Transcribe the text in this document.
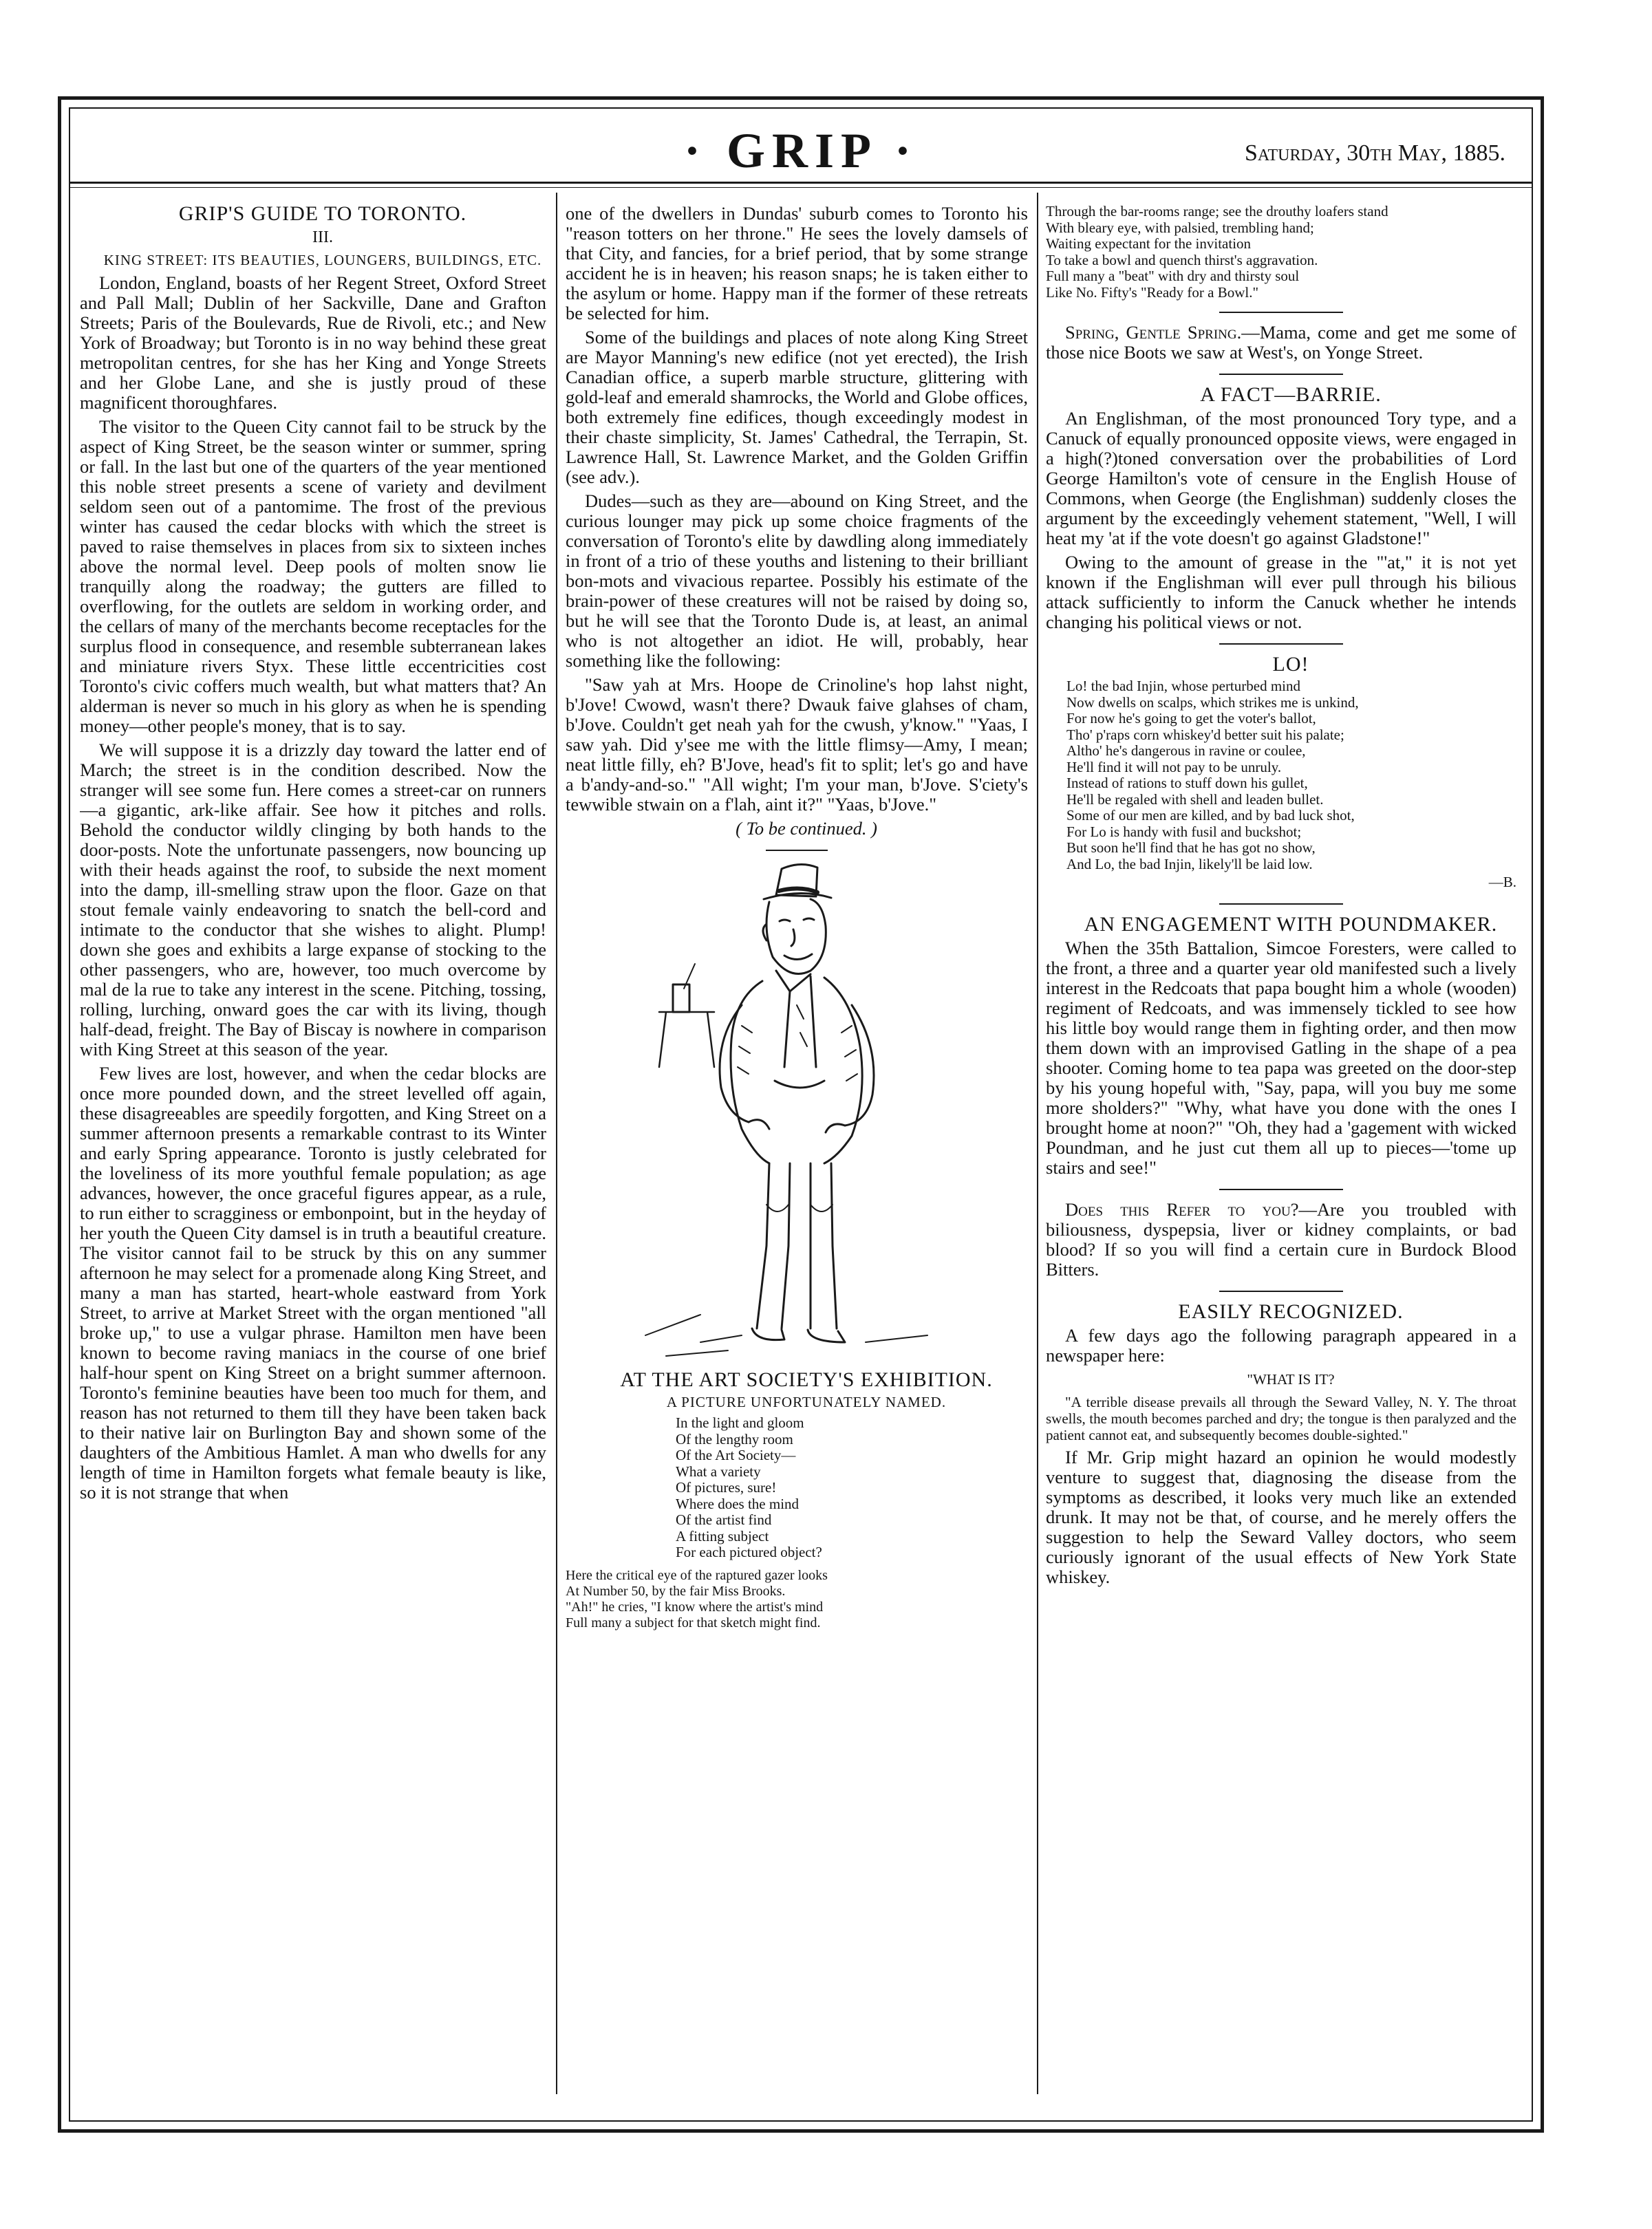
· GRIP ·	Saturday, 30th May, 1885.

GRIP'S GUIDE TO TORONTO.

III.

KING STREET: ITS BEAUTIES, LOUNGERS, BUILDINGS, ETC.

London, England, boasts of her Regent Street, Oxford Street and Pall Mall; Dublin of her Sackville, Dane and Grafton Streets; Paris of the Boulevards, Rue de Rivoli, etc.; and New York of Broadway; but Toronto is in no way behind these great metropolitan centres, for she has her King and Yonge Streets and her Globe Lane, and she is justly proud of these magnificent thoroughfares.

The visitor to the Queen City cannot fail to be struck by the aspect of King Street, be the season winter or summer, spring or fall. In the last but one of the quarters of the year mentioned this noble street presents a scene of variety and devilment seldom seen out of a pantomime. The frost of the previous winter has caused the cedar blocks with which the street is paved to raise themselves in places from six to sixteen inches above the normal level. Deep pools of molten snow lie tranquilly along the roadway; the gutters are filled to overflowing, for the outlets are seldom in working order, and the cellars of many of the merchants become receptacles for the surplus flood in consequence, and resemble subterranean lakes and miniature rivers Styx. These little eccentricities cost Toronto's civic coffers much wealth, but what matters that? An alderman is never so much in his glory as when he is spending money—other people's money, that is to say.

We will suppose it is a drizzly day toward the latter end of March; the street is in the condition described. Now the stranger will see some fun. Here comes a street-car on runners—a gigantic, ark-like affair. See how it pitches and rolls. Behold the conductor wildly clinging by both hands to the door-posts. Note the unfortunate passengers, now bouncing up with their heads against the roof, to subside the next moment into the damp, ill-smelling straw upon the floor. Gaze on that stout female vainly endeavoring to snatch the bell-cord and intimate to the conductor that she wishes to alight. Plump! down she goes and exhibits a large expanse of stocking to the other passengers, who are, however, too much overcome by mal de la rue to take any interest in the scene. Pitching, tossing, rolling, lurching, onward goes the car with its living, though half-dead, freight. The Bay of Biscay is nowhere in comparison with King Street at this season of the year.

Few lives are lost, however, and when the cedar blocks are once more pounded down, and the street levelled off again, these disagreeables are speedily forgotten, and King Street on a summer afternoon presents a remarkable contrast to its Winter and early Spring appearance. Toronto is justly celebrated for the loveliness of its more youthful female population; as age advances, however, the once graceful figures appear, as a rule, to run either to scragginess or embonpoint, but in the heyday of her youth the Queen City damsel is in truth a beautiful creature. The visitor cannot fail to be struck by this on any summer afternoon he may select for a promenade along King Street, and many a man has started, heart-whole eastward from York Street, to arrive at Market Street with the organ mentioned "all broke up," to use a vulgar phrase. Hamilton men have been known to become raving maniacs in the course of one brief half-hour spent on King Street on a bright summer afternoon. Toronto's feminine beauties have been too much for them, and reason has not returned to them till they have been taken back to their native lair on Burlington Bay and shown some of the daughters of the Ambitious Hamlet. A man who dwells for any length of time in Hamilton forgets what female beauty is like, so it is not strange that when

one of the dwellers in Dundas' suburb comes to Toronto his "reason totters on her throne." He sees the lovely damsels of that City, and fancies, for a brief period, that by some strange accident he is in heaven; his reason snaps; he is taken either to the asylum or home. Happy man if the former of these retreats be selected for him.

Some of the buildings and places of note along King Street are Mayor Manning's new edifice (not yet erected), the Irish Canadian office, a superb marble structure, glittering with gold-leaf and emerald shamrocks, the World and Globe offices, both extremely fine edifices, though exceedingly modest in their chaste simplicity, St. James' Cathedral, the Terrapin, St. Lawrence Hall, St. Lawrence Market, and the Golden Griffin (see adv.).

Dudes—such as they are—abound on King Street, and the curious lounger may pick up some choice fragments of the conversation of Toronto's elite by dawdling along immediately in front of a trio of these youths and listening to their brilliant bon-mots and vivacious repartee. Possibly his estimate of the brain-power of these creatures will not be raised by doing so, but he will see that the Toronto Dude is, at least, an animal who is not altogether an idiot. He will, probably, hear something like the following:

"Saw yah at Mrs. Hoope de Crinoline's hop lahst night, b'Jove! Cwowd, wasn't there? Dwauk faive glahses of cham, b'Jove. Couldn't get neah yah for the cwush, y'know." "Yaas, I saw yah. Did y'see me with the little flimsy—Amy, I mean; neat little filly, eh? B'Jove, head's fit to split; let's go and have a b'andy-and-so." "All wight; I'm your man, b'Jove. S'ciety's tewwible stwain on a f'lah, aint it?" "Yaas, b'Jove."

( To be continued. )

AT THE ART SOCIETY'S EXHIBITION.

A PICTURE UNFORTUNATELY NAMED.

In the light and gloom
Of the lengthy room
Of the Art Society—
What a variety
Of pictures, sure!
Where does the mind
Of the artist find
A fitting subject
For each pictured object?
Here the critical eye of the raptured gazer looks
At Number 50, by the fair Miss Brooks.
"Ah!" he cries, "I know where the artist's mind
Full many a subject for that sketch might find.
Through the bar-rooms range; see the drouthy loafers stand
With bleary eye, with palsied, trembling hand;
Waiting expectant for the invitation
To take a bowl and quench thirst's aggravation.
Full many a "beat" with dry and thirsty soul
Like No. Fifty's "Ready for a Bowl."

Spring, Gentle Spring.—Mama, come and get me some of those nice Boots we saw at West's, on Yonge Street.

A FACT—BARRIE.

An Englishman, of the most pronounced Tory type, and a Canuck of equally pronounced opposite views, were engaged in a high(?)toned conversation over the probabilities of Lord George Hamilton's vote of censure in the English House of Commons, when George (the Englishman) suddenly closes the argument by the exceedingly vehement statement, "Well, I will heat my 'at if the vote doesn't go against Gladstone!"

Owing to the amount of grease in the "'at," it is not yet known if the Englishman will ever pull through his bilious attack sufficiently to inform the Canuck whether he intends changing his political views or not.

LO!

Lo! the bad Injin, whose perturbed mind
Now dwells on scalps, which strikes me is unkind,
For now he's going to get the voter's ballot,
Tho' p'raps corn whiskey'd better suit his palate;
Altho' he's dangerous in ravine or coulee,
He'll find it will not pay to be unruly.
Instead of rations to stuff down his gullet,
He'll be regaled with shell and leaden bullet.
Some of our men are killed, and by bad luck shot,
For Lo is handy with fusil and buckshot;
But soon he'll find that he has got no show,
And Lo, the bad Injin, likely'll be laid low.

—B.

AN ENGAGEMENT WITH POUNDMAKER.

When the 35th Battalion, Simcoe Foresters, were called to the front, a three and a quarter year old manifested such a lively interest in the Redcoats that papa bought him a whole (wooden) regiment of Redcoats, and was immensely tickled to see how his little boy would range them in fighting order, and then mow them down with an improvised Gatling in the shape of a pea shooter. Coming home to tea papa was greeted on the door-step by his young hopeful with, "Say, papa, will you buy me some more sholders?" "Why, what have you done with the ones I brought home at noon?" "Oh, they had a 'gagement with wicked Poundman, and he just cut them all up to pieces—'tome up stairs and see!"

Does this Refer to you?—Are you troubled with biliousness, dyspepsia, liver or kidney complaints, or bad blood? If so you will find a certain cure in Burdock Blood Bitters.

EASILY RECOGNIZED.

A few days ago the following paragraph appeared in a newspaper here:

"WHAT IS IT?

"A terrible disease prevails all through the Seward Valley, N. Y. The throat swells, the mouth becomes parched and dry; the tongue is then paralyzed and the patient cannot eat, and subsequently becomes double-sighted."

If Mr. Grip might hazard an opinion he would modestly venture to suggest that, diagnosing the disease from the symptoms as described, it looks very much like an extended drunk. It may not be that, of course, and he merely offers the suggestion to help the Seward Valley doctors, who seem curiously ignorant of the usual effects of New York State whiskey.
